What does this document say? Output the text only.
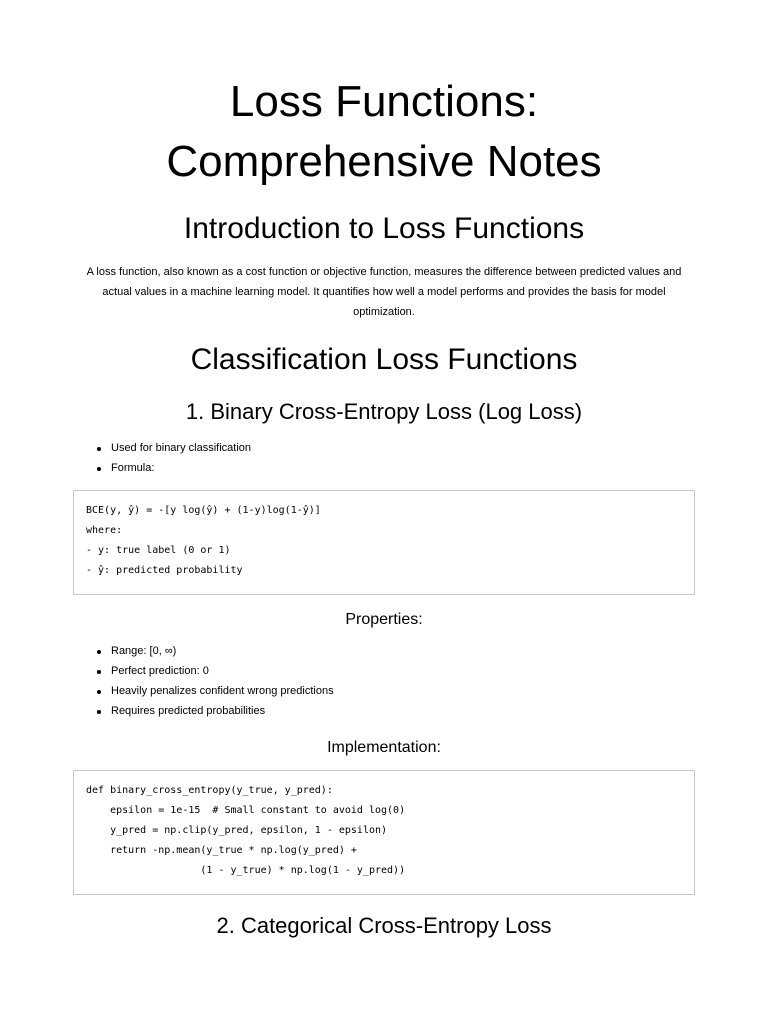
Loss Functions:
Comprehensive Notes
Introduction to Loss Functions

A loss function, also known as a cost function or objective function, measures the difference between predicted values and actual values in a machine learning model. It quantifies how well a model performs and provides the basis for model optimization.

Classification Loss Functions
1. Binary Cross-Entropy Loss (Log Loss)
Used for binary classification
Formula:
BCE(y, ŷ) = -[y log(ŷ) + (1-y)log(1-ŷ)]
where:
- y: true label (0 or 1)
- ŷ: predicted probability
Properties:
Range: [0, ∞)
Perfect prediction: 0
Heavily penalizes confident wrong predictions
Requires predicted probabilities
Implementation:
def binary_cross_entropy(y_true, y_pred):
epsilon = 1e-15  # Small constant to avoid log(0)
y_pred = np.clip(y_pred, epsilon, 1 - epsilon)
return -np.mean(y_true * np.log(y_pred) +
(1 - y_true) * np.log(1 - y_pred))
2. Categorical Cross-Entropy Loss
